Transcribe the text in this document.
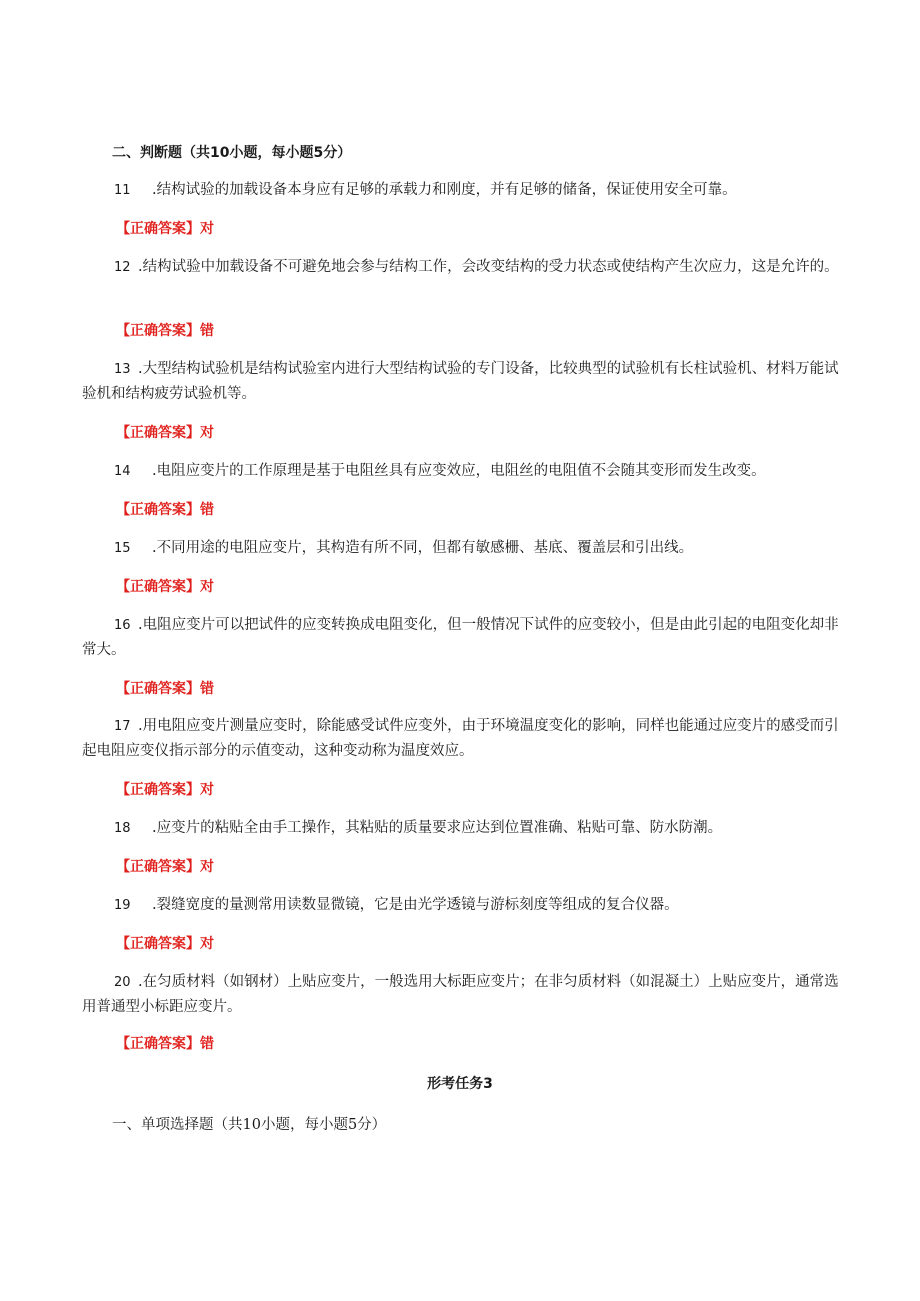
二、判断题（共10小题，每小题5分）
11 .结构试验的加载设备本身应有足够的承载力和刚度，并有足够的储备，保证使用安全可靠。
【正确答案】对
12 .结构试验中加载设备不可避免地会参与结构工作，会改变结构的受力状态或使结构产生次应力，这是允许的。
【正确答案】错
13 .大型结构试验机是结构试验室内进行大型结构试验的专门设备，比较典型的试验机有长柱试验机、材料万能试验机和结构疲劳试验机等。
【正确答案】对
14 .电阻应变片的工作原理是基于电阻丝具有应变效应，电阻丝的电阻值不会随其变形而发生改变。
【正确答案】错
15 .不同用途的电阻应变片，其构造有所不同，但都有敏感栅、基底、覆盖层和引出线。
【正确答案】对
16 .电阻应变片可以把试件的应变转换成电阻变化，但一般情况下试件的应变较小，但是由此引起的电阻变化却非常大。
【正确答案】错
17 .用电阻应变片测量应变时，除能感受试件应变外，由于环境温度变化的影响，同样也能通过应变片的感受而引起电阻应变仪指示部分的示值变动，这种变动称为温度效应。
【正确答案】对
18 .应变片的粘贴全由手工操作，其粘贴的质量要求应达到位置准确、粘贴可靠、防水防潮。
【正确答案】对
19 .裂缝宽度的量测常用读数显微镜，它是由光学透镜与游标刻度等组成的复合仪器。
【正确答案】对
20 .在匀质材料（如钢材）上贴应变片，一般选用大标距应变片；在非匀质材料（如混凝土）上贴应变片，通常选用普通型小标距应变片。
【正确答案】错
形考任务3
一、单项选择题（共10小题，每小题5分）
